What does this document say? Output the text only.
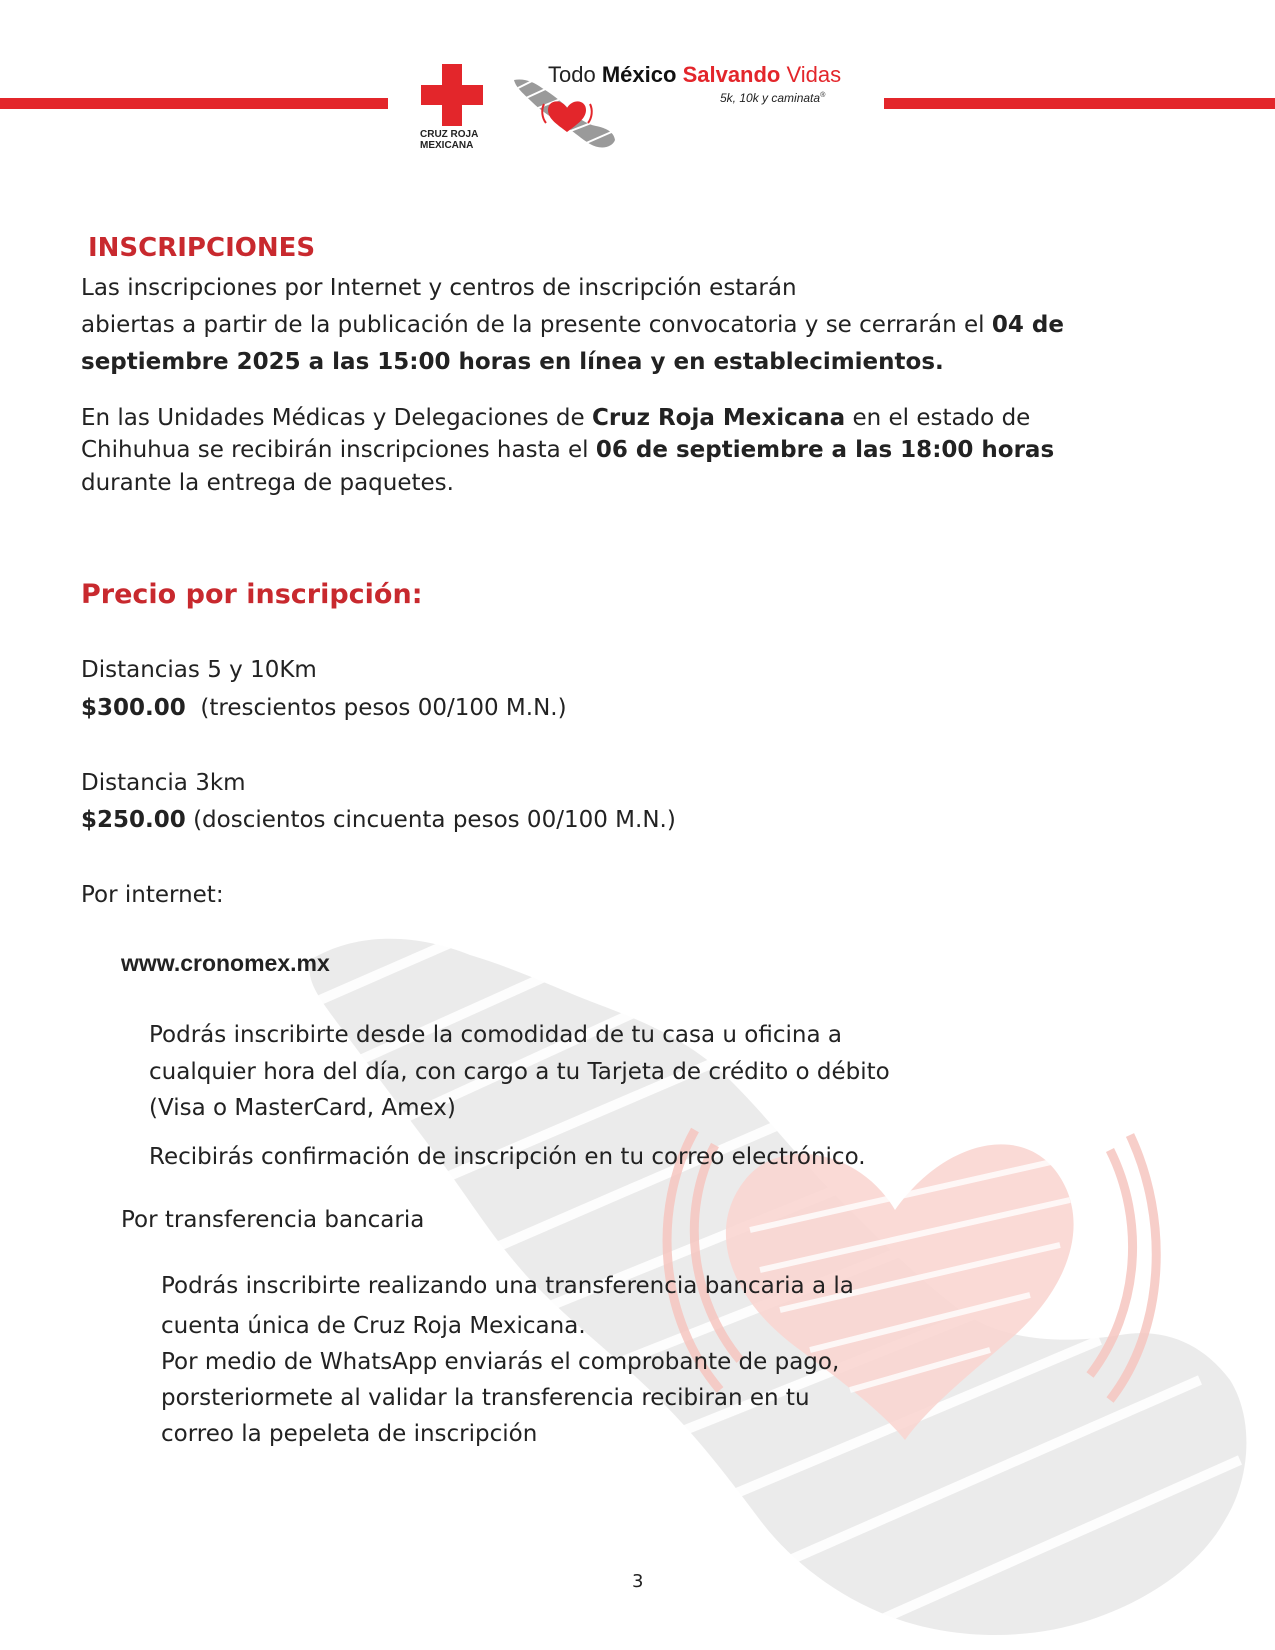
CRUZ ROJA
MEXICANA
Todo México Salvando Vidas
5k, 10k y caminata®
INSCRIPCIONES
Las inscripciones por Internet y centros de inscripción estarán
abiertas a partir de la publicación de la presente convocatoria y se cerrarán el 04 de
septiembre 2025 a las 15:00 horas en línea y en establecimientos.
En las Unidades Médicas y Delegaciones de Cruz Roja Mexicana en el estado de
Chihuhua se recibirán inscripciones hasta el 06 de septiembre a las 18:00 horas
durante la entrega de paquetes.
Precio por inscripción:
Distancias 5 y 10Km
$300.00  (trescientos pesos 00/100 M.N.)
Distancia 3km
$250.00 (doscientos cincuenta pesos 00/100 M.N.)
Por internet:
www.cronomex.mx
Podrás inscribirte desde la comodidad de tu casa u oficina a
cualquier hora del día, con cargo a tu Tarjeta de crédito o débito
(Visa o MasterCard, Amex)
Recibirás confirmación de inscripción en tu correo electrónico.
Por transferencia bancaria
Podrás inscribirte realizando una transferencia bancaria a la
cuenta única de Cruz Roja Mexicana.
Por medio de WhatsApp enviarás el comprobante de pago,
porsteriormete al validar la transferencia recibiran en tu
correo la pepeleta de inscripción
3
